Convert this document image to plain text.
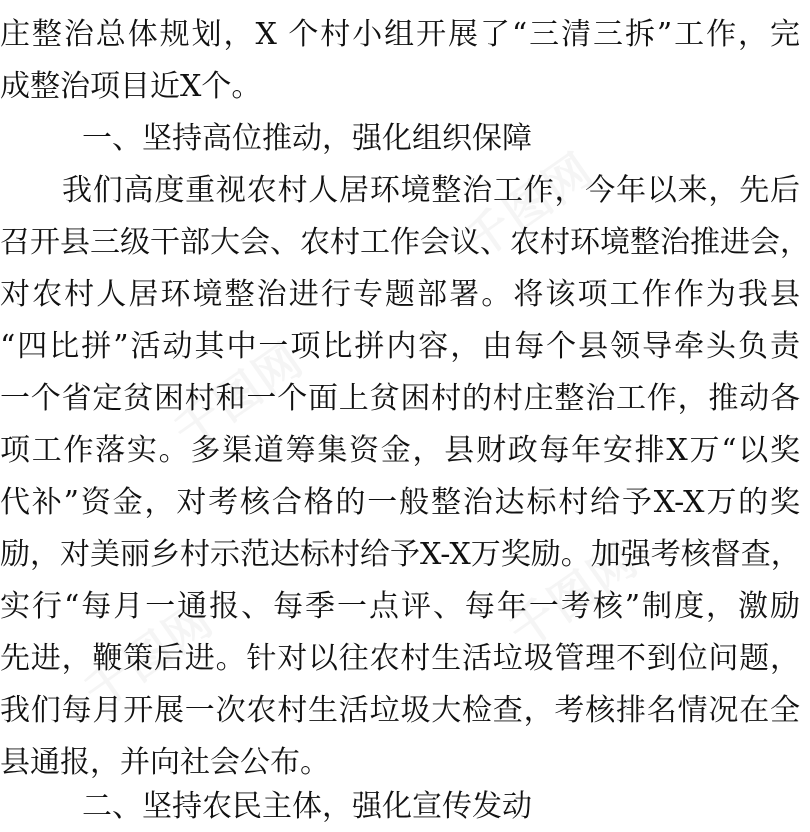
千图网
千图网
千图网
千图网
庄整治总体规划，X 个村小组开展了“三清三拆”工作，完
成整治项目近X个。
一、坚持高位推动，强化组织保障
我们高度重视农村人居环境整治工作，今年以来，先后
召开县三级干部大会、农村工作会议、农村环境整治推进会，
对农村人居环境整治进行专题部署。将该项工作作为我县
“四比拼”活动其中一项比拼内容，由每个县领导牵头负责
一个省定贫困村和一个面上贫困村的村庄整治工作，推动各
项工作落实。多渠道筹集资金，县财政每年安排X万“以奖
代补”资金，对考核合格的一般整治达标村给予X-X万的奖
励，对美丽乡村示范达标村给予X-X万奖励。加强考核督查，
实行“每月一通报、每季一点评、每年一考核”制度，激励
先进，鞭策后进。针对以往农村生活垃圾管理不到位问题，
我们每月开展一次农村生活垃圾大检查，考核排名情况在全
县通报，并向社会公布。
二、坚持农民主体，强化宣传发动
